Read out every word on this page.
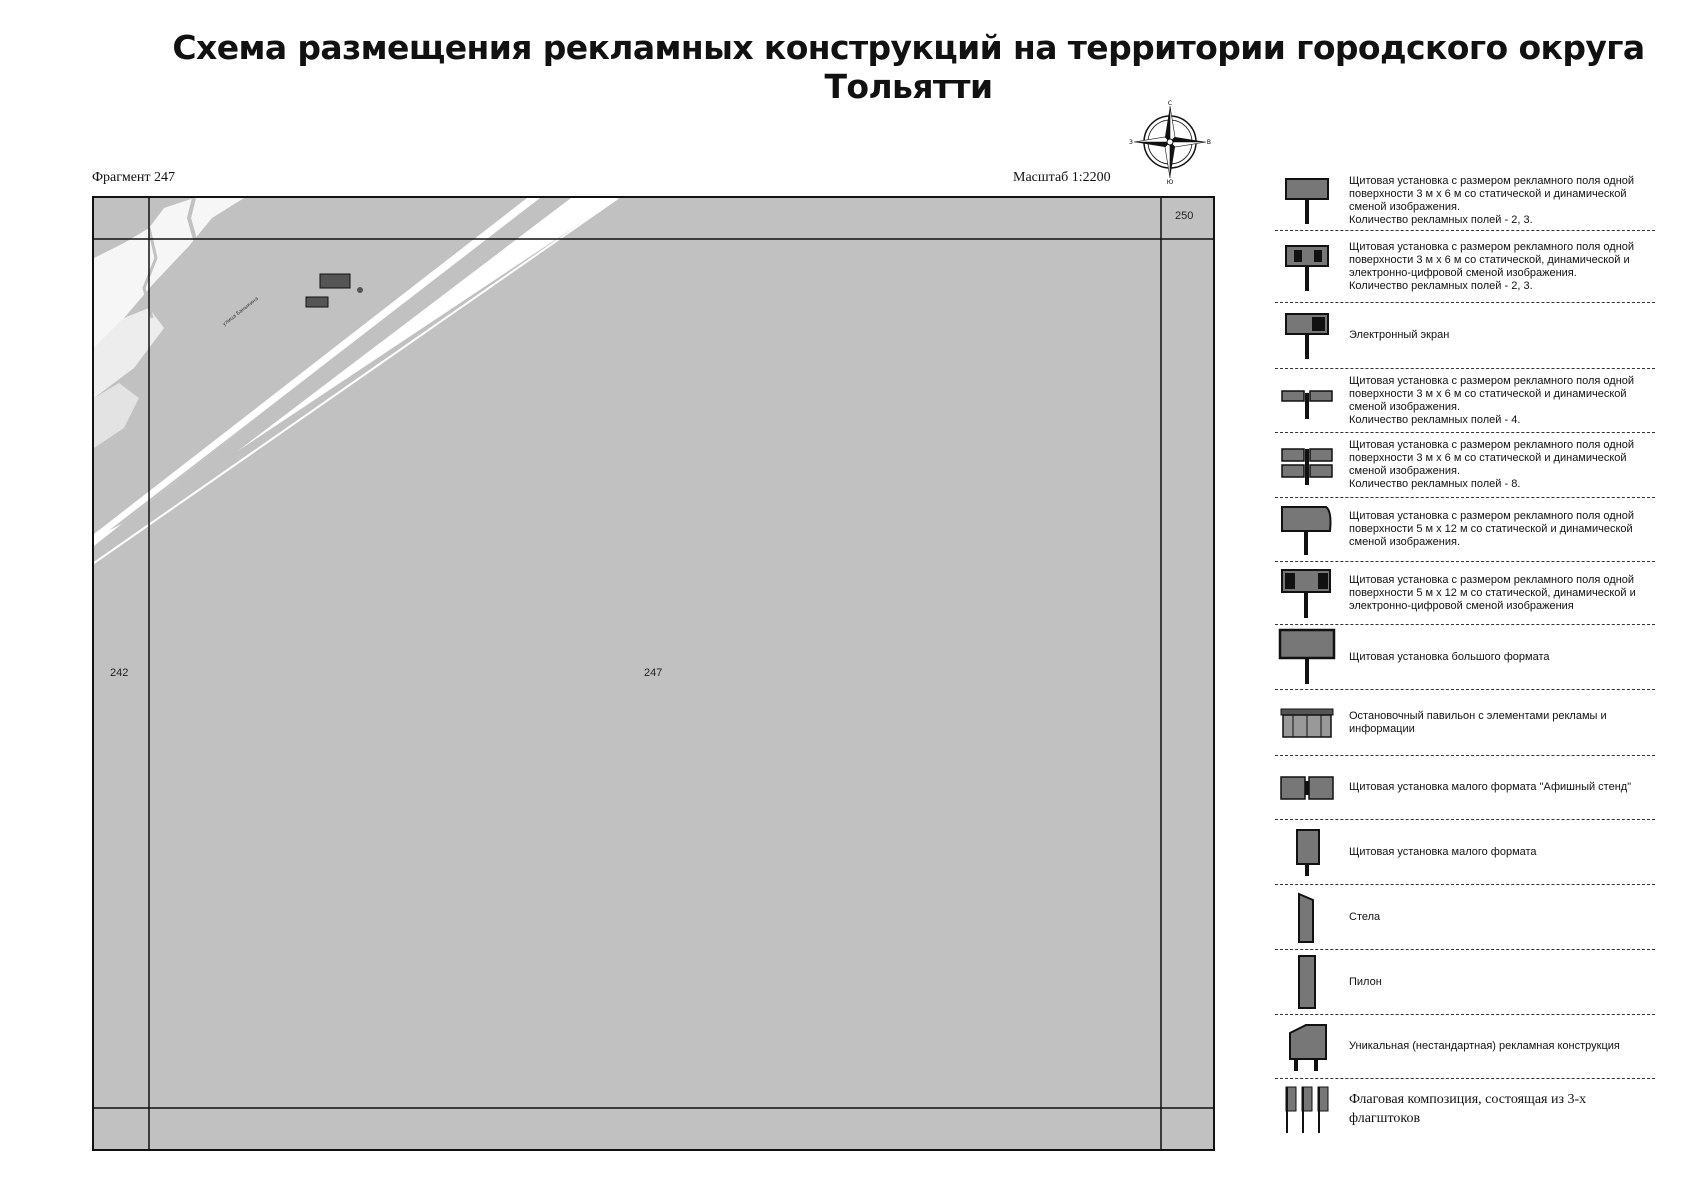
Схема размещения рекламных конструкций на территории городского округа Тольятти
Фрагмент 247	Масштаб 1:2200
С
Ю
В
З
улица Баныкина
250
242	247
Щитовая установка с размером рекламного поля одной поверхности 3 м х 6 м со статической и динамической сменой изображения.
Количество рекламных полей - 2, 3.
Щитовая установка с размером рекламного поля одной поверхности 3 м х 6 м со статической, динамической и электронно-цифровой сменой изображения.
Количество рекламных полей - 2, 3.
Электронный экран
Щитовая установка с размером рекламного поля одной поверхности 3 м х 6 м со статической и динамической сменой изображения.
Количество рекламных полей - 4.
Щитовая установка с размером рекламного поля одной поверхности 3 м х 6 м со статической и динамической сменой изображения.
Количество рекламных полей - 8.
Щитовая установка с размером рекламного поля одной поверхности 5 м х 12 м со статической и динамической сменой изображения.
Щитовая установка с размером рекламного поля одной поверхности 5 м х 12 м со статической, динамической и электронно-цифровой сменой изображения
Щитовая установка большого формата
Остановочный павильон с элементами рекламы и информации
Щитовая установка малого формата "Афишный стенд"
Щитовая установка малого формата
Стела
Пилон
Уникальная (нестандартная) рекламная конструкция
Флаговая композиция, состоящая из 3-х флагштоков
